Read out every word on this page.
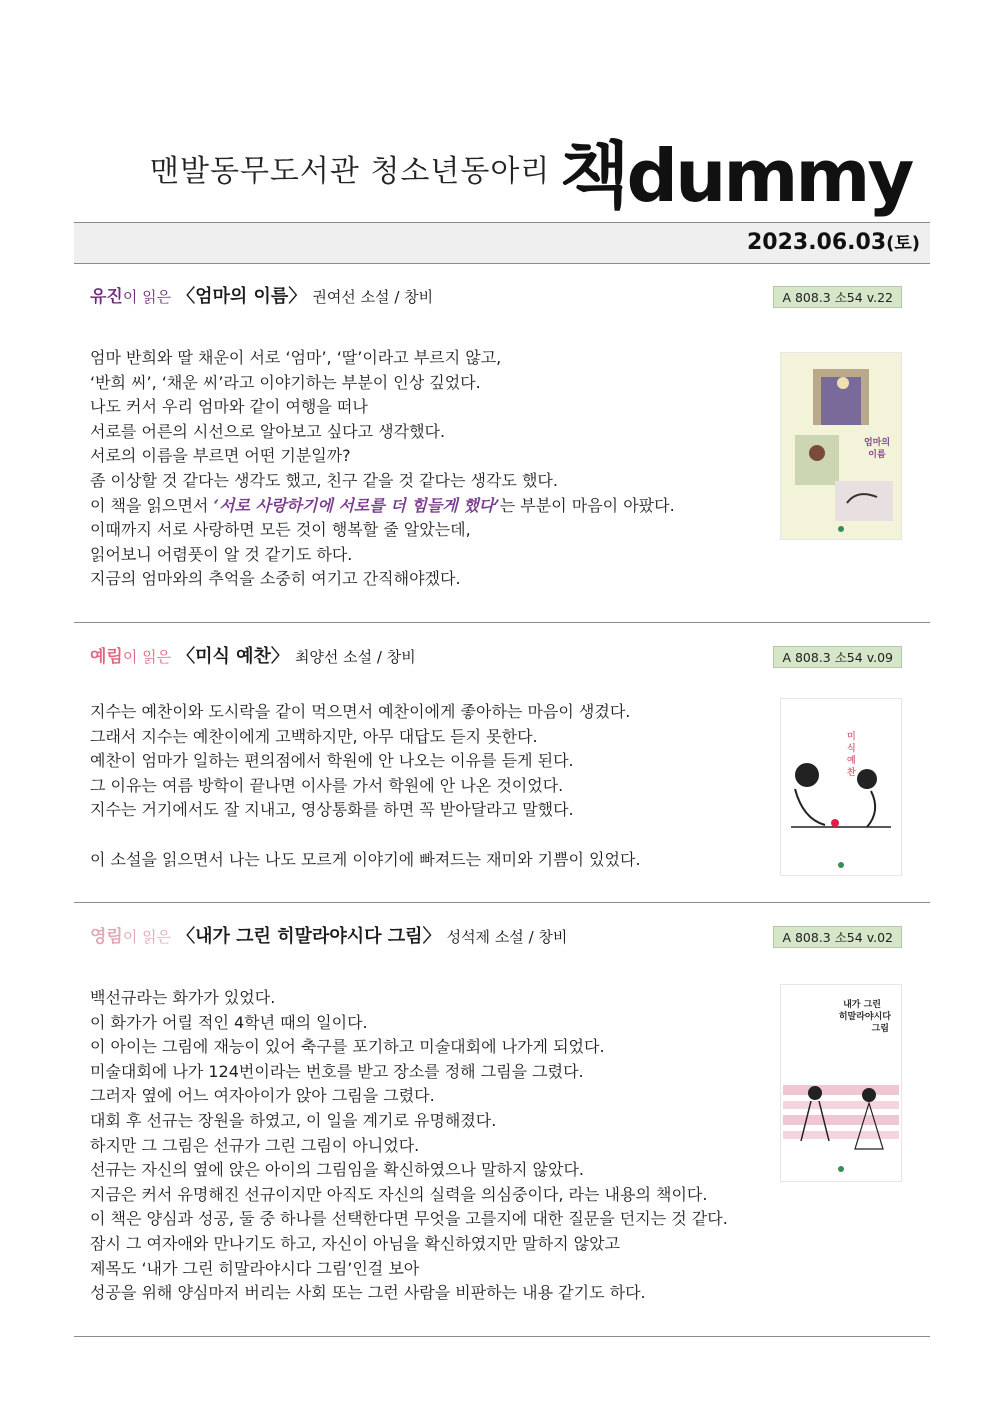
맨발동무도서관 청소년동아리 책dummy
2023.06.03(토)
유진이 읽은 〈엄마의 이름〉 권여선 소설 / 창비	A 808.3 소54 v.22

엄마 반희와 딸 채운이 서로 ‘엄마’, ‘딸’이라고 부르지 않고,

‘반희 씨’, ‘채운 씨’라고 이야기하는 부분이 인상 깊었다.

나도 커서 우리 엄마와 같이 여행을 떠나

서로를 어른의 시선으로 알아보고 싶다고 생각했다.

서로의 이름을 부르면 어떤 기분일까?

좀 이상할 것 같다는 생각도 했고, 친구 같을 것 같다는 생각도 했다.

이 책을 읽으면서 ‘서로 사랑하기에 서로를 더 힘들게 했다’는 부분이 마음이 아팠다.

이때까지 서로 사랑하면 모든 것이 행복할 줄 알았는데,

읽어보니 어렴풋이 알 것 같기도 하다.

지금의 엄마와의 추억을 소중히 여기고 간직해야겠다.

엄마의
이름
예림이 읽은 〈미식 예찬〉 최양선 소설 / 창비	A 808.3 소54 v.09

지수는 예찬이와 도시락을 같이 먹으면서 예찬이에게 좋아하는 마음이 생겼다.

그래서 지수는 예찬이에게 고백하지만, 아무 대답도 듣지 못한다.

예찬이 엄마가 일하는 편의점에서 학원에 안 나오는 이유를 듣게 된다.

그 이유는 여름 방학이 끝나면 이사를 가서 학원에 안 나온 것이었다.

지수는 거기에서도 잘 지내고, 영상통화를 하면 꼭 받아달라고 말했다.

이 소설을 읽으면서 나는 나도 모르게 이야기에 빠져드는 재미와 기쁨이 있었다.

미
식
예
찬
영림이 읽은 〈내가 그린 히말라야시다 그림〉 성석제 소설 / 창비	A 808.3 소54 v.02

백선규라는 화가가 있었다.

이 화가가 어릴 적인 4학년 때의 일이다.

이 아이는 그림에 재능이 있어 축구를 포기하고 미술대회에 나가게 되었다.

미술대회에 나가 124번이라는 번호를 받고 장소를 정해 그림을 그렸다.

그러자 옆에 어느 여자아이가 앉아 그림을 그렸다.

대회 후 선규는 장원을 하였고, 이 일을 계기로 유명해졌다.

하지만 그 그림은 선규가 그린 그림이 아니었다.

선규는 자신의 옆에 앉은 아이의 그림임을 확신하였으나 말하지 않았다.

지금은 커서 유명해진 선규이지만 아직도 자신의 실력을 의심중이다, 라는 내용의 책이다.

이 책은 양심과 성공, 둘 중 하나를 선택한다면 무엇을 고를지에 대한 질문을 던지는 것 같다.

잠시 그 여자애와 만나기도 하고, 자신이 아님을 확신하였지만 말하지 않았고

제목도 ‘내가 그린 히말라야시다 그림’인걸 보아

성공을 위해 양심마저 버리는 사회 또는 그런 사람을 비판하는 내용 같기도 하다.

내가 그린
히말라야시다
그림
